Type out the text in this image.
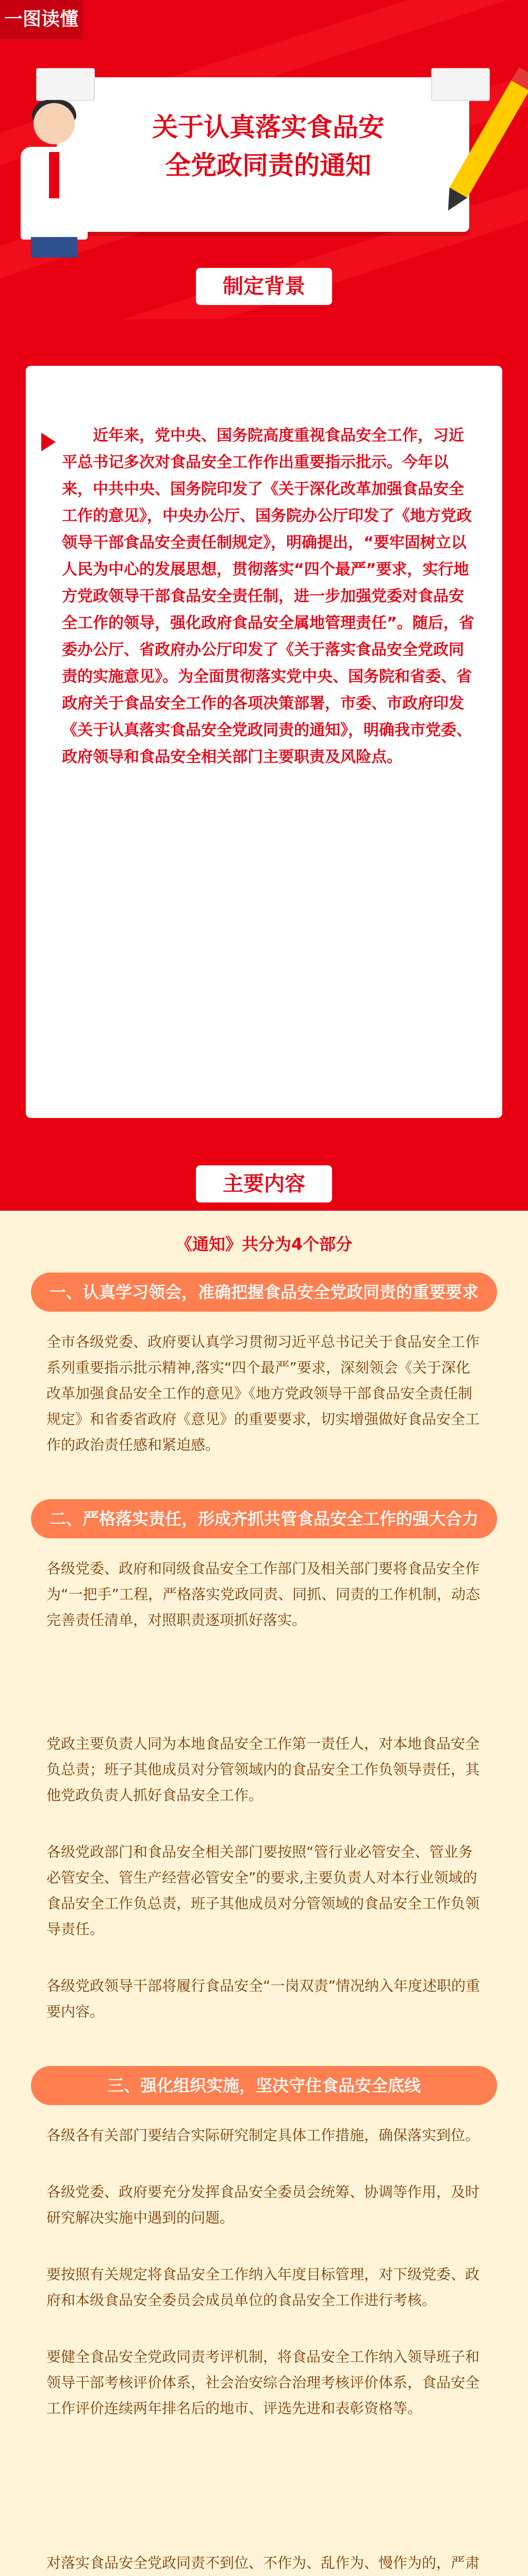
一图读懂
关于认真落实食品安全党政同责的通知
制定背景
近年来，党中央、国务院高度重视食品安全工作，习近平总书记多次对食品安全工作作出重要指示批示。今年以来，中共中央、国务院印发了《关于深化改革加强食品安全工作的意见》，中央办公厅、国务院办公厅印发了《地方党政领导干部食品安全责任制规定》，明确提出，“要牢固树立以人民为中心的发展思想，贯彻落实“四个最严”要求，实行地方党政领导干部食品安全责任制，进一步加强党委对食品安全工作的领导，强化政府食品安全属地管理责任”。随后，省委办公厅、省政府办公厅印发了《关于落实食品安全党政同责的实施意见》。为全面贯彻落实党中央、国务院和省委、省政府关于食品安全工作的各项决策部署，市委、市政府印发《关于认真落实食品安全党政同责的通知》，明确我市党委、政府领导和食品安全相关部门主要职责及风险点。
主要内容
《通知》共分为4个部分
一、认真学习领会，准确把握食品安全党政同责的重要要求
全市各级党委、政府要认真学习贯彻习近平总书记关于食品安全工作系列重要指示批示精神,落实“四个最严”要求，深刻领会《关于深化改革加强食品安全工作的意见》《地方党政领导干部食品安全责任制规定》和省委省政府《意见》的重要要求，切实增强做好食品安全工作的政治责任感和紧迫感。
二、严格落实责任，形成齐抓共管食品安全工作的强大合力
各级党委、政府和同级食品安全工作部门及相关部门要将食品安全作为“一把手”工程，严格落实党政同责、同抓、同责的工作机制，动态完善责任清单，对照职责逐项抓好落实。
党政主要负责人同为本地食品安全工作第一责任人，对本地食品安全负总责；班子其他成员对分管领域内的食品安全工作负领导责任，其他党政负责人抓好食品安全工作。
各级党政部门和食品安全相关部门要按照“管行业必管安全、管业务必管安全、管生产经营必管安全”的要求,主要负责人对本行业领域的食品安全工作负总责，班子其他成员对分管领域的食品安全工作负领导责任。
各级党政领导干部将履行食品安全“一岗双责”情况纳入年度述职的重要内容。
三、强化组织实施，坚决守住食品安全底线
各级各有关部门要结合实际研究制定具体工作措施，确保落实到位。
各级党委、政府要充分发挥食品安全委员会统筹、协调等作用，及时研究解决实施中遇到的问题。
要按照有关规定将食品安全工作纳入年度目标管理，对下级党委、政府和本级食品安全委员会成员单位的食品安全工作进行考核。
要健全食品安全党政同责考评机制，将食品安全工作纳入领导班子和领导干部考核评价体系，社会治安综合治理考核评价体系，食品安全工作评价连续两年排名后的地市、评选先进和表彰资格等。
对落实食品安全党政同责不到位、不作为、乱作为、慢作为的，严肃
